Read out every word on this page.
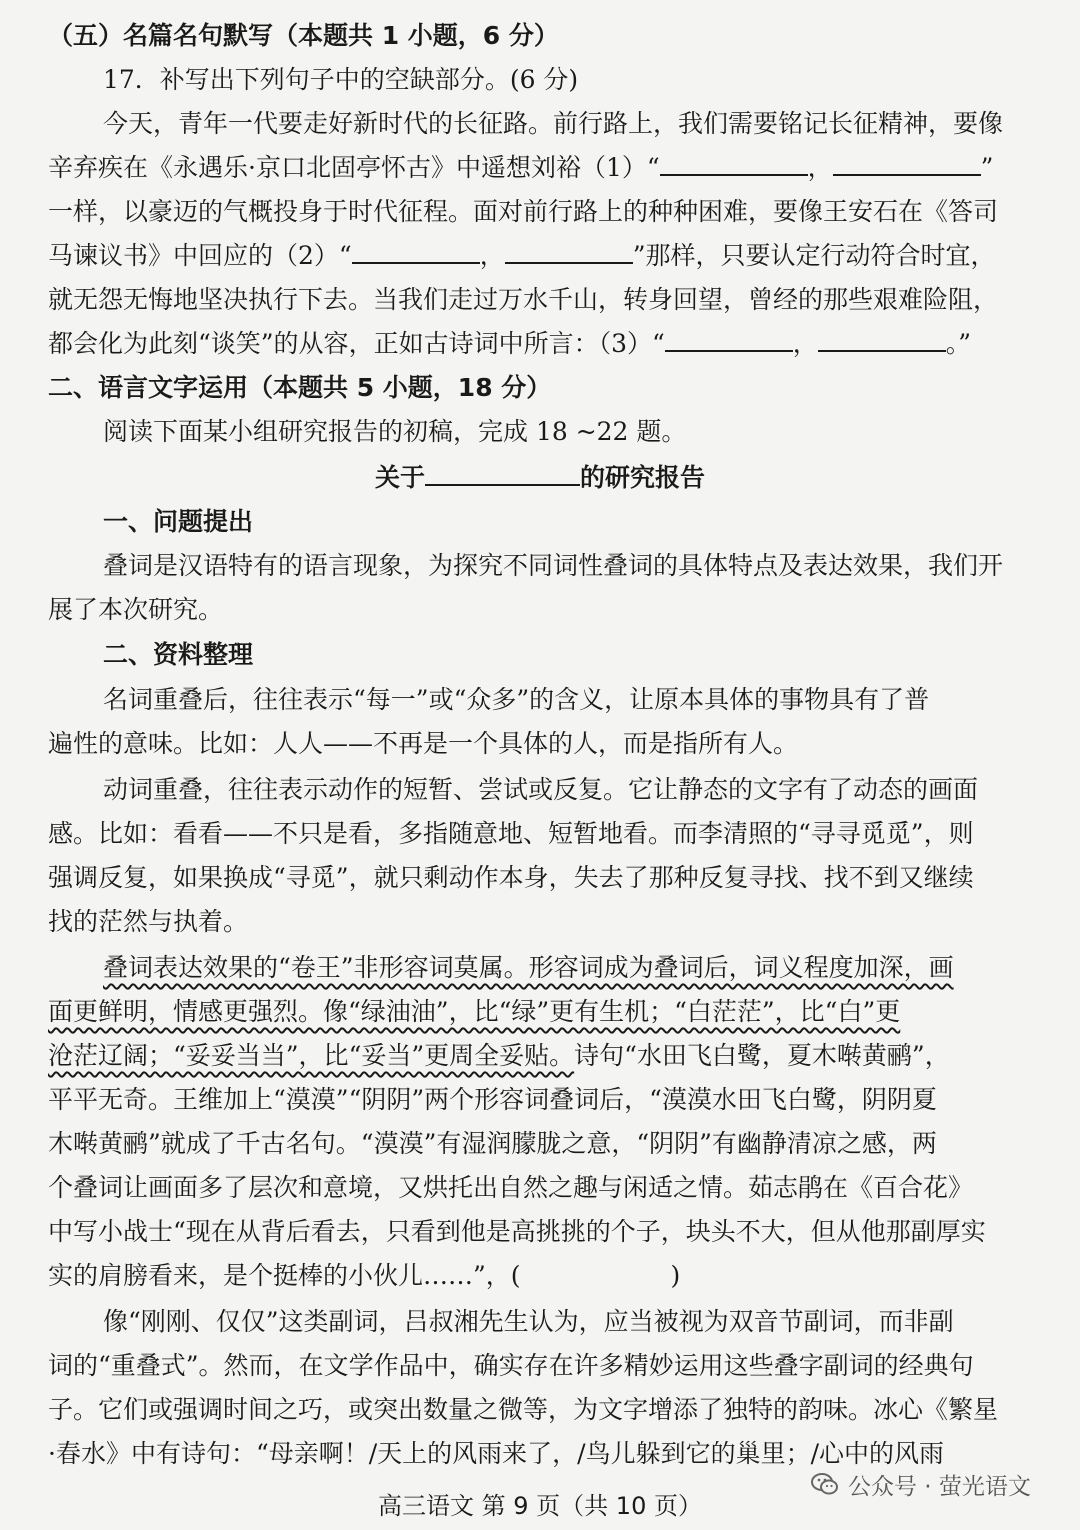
（五）名篇名句默写（本题共 1 小题，6 分）
17．补写出下列句子中的空缺部分。(6 分)
今天，青年一代要走好新时代的长征路。前行路上，我们需要铭记长征精神，要像
辛弃疾在《永遇乐·京口北固亭怀古》中遥想刘裕（1）“	，	”
一样，以豪迈的气概投身于时代征程。面对前行路上的种种困难，要像王安石在《答司
马谏议书》中回应的（2）“	，	”那样，只要认定行动符合时宜，
就无怨无悔地坚决执行下去。当我们走过万水千山，转身回望，曾经的那些艰难险阻，
都会化为此刻“谈笑”的从容，正如古诗词中所言：（3）“	，	。”
二、语言文字运用（本题共 5 小题，18 分）
阅读下面某小组研究报告的初稿，完成 18 ~22 题。
关于	的研究报告
一、问题提出
叠词是汉语特有的语言现象，为探究不同词性叠词的具体特点及表达效果，我们开
展了本次研究。
二、资料整理
名词重叠后，往往表示“每一”或“众多”的含义，让原本具体的事物具有了普
遍性的意味。比如：人人——不再是一个具体的人，而是指所有人。
动词重叠，往往表示动作的短暂、尝试或反复。它让静态的文字有了动态的画面
感。比如：看看——不只是看，多指随意地、短暂地看。而李清照的“寻寻觅觅”，则
强调反复，如果换成“寻觅”，就只剩动作本身，失去了那种反复寻找、找不到又继续
找的茫然与执着。
叠词表达效果的“卷王”非形容词莫属。形容词成为叠词后，词义程度加深，画
面更鲜明，情感更强烈。像“绿油油”，比“绿”更有生机；“白茫茫”，比“白”更
沧茫辽阔；“妥妥当当”，比“妥当”更周全妥贴。诗句“水田飞白鹭，夏木啭黄鹂”，
平平无奇。王维加上“漠漠”“阴阴”两个形容词叠词后，“漠漠水田飞白鹭，阴阴夏
木啭黄鹂”就成了千古名句。“漠漠”有湿润朦胧之意，“阴阴”有幽静清凉之感，两
个叠词让画面多了层次和意境，又烘托出自然之趣与闲适之情。茹志鹃在《百合花》
中写小战士“现在从背后看去，只看到他是高挑挑的个子，块头不大，但从他那副厚实
实的肩膀看来，是个挺棒的小伙儿……”，(	)
像“刚刚、仅仅”这类副词，吕叔湘先生认为，应当被视为双音节副词，而非副
词的“重叠式”。然而，在文学作品中，确实存在许多精妙运用这些叠字副词的经典句
子。它们或强调时间之巧，或突出数量之微等，为文字增添了独特的韵味。冰心《繁星
·春水》中有诗句：“母亲啊！/天上的风雨来了，/鸟儿躲到它的巢里；/心中的风雨
公众号 · 萤光语文
高三语文 第 9 页（共 10 页）
